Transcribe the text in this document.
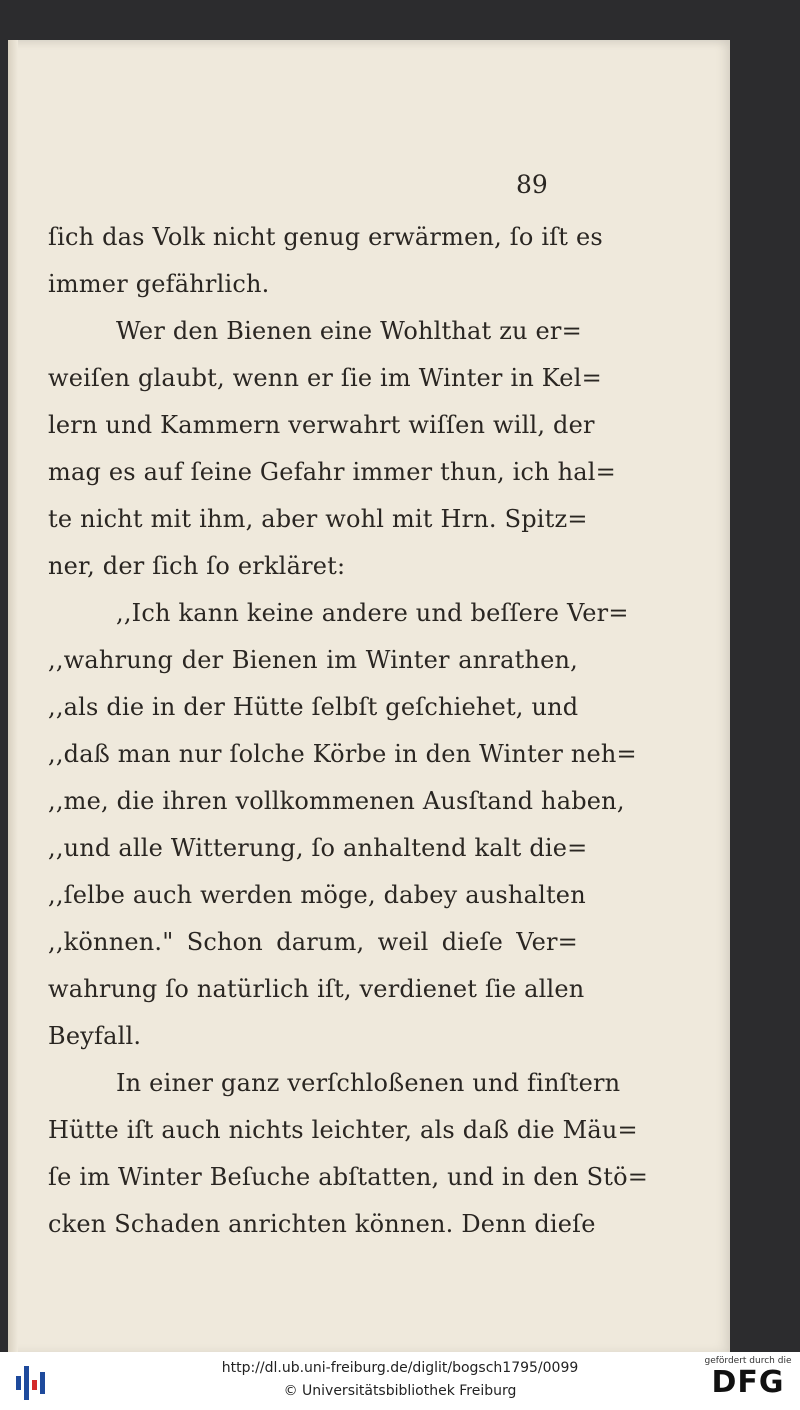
89
ſich das Volk nicht genug erwärmen, ſo iſt es
immer gefährlich.
Wer den Bienen eine Wohlthat zu er=
weiſen glaubt, wenn er ſie im Winter in Kel=
lern und Kammern verwahrt wiſſen will, der
mag es auf ſeine Gefahr immer thun, ich hal=
te nicht mit ihm, aber wohl mit Hrn. Spitz=
ner, der ſich ſo erkläret:
,,Ich kann keine andere und beſſere Ver=
,,wahrung der Bienen im Winter anrathen,
,,als die in der Hütte ſelbſt geſchiehet, und
,,daß man nur ſolche Körbe in den Winter neh=
,,me, die ihren vollkommenen Ausſtand haben,
,,und alle Witterung, ſo anhaltend kalt die=
,,ſelbe auch werden möge, dabey aushalten
,,können." Schon darum, weil dieſe Ver=
wahrung ſo natürlich iſt, verdienet ſie allen
Beyfall.
In einer ganz verſchloßenen und finſtern
Hütte iſt auch nichts leichter, als daß die Mäu=
ſe im Winter Beſuche abſtatten, und in den Stö=
cken Schaden anrichten können. Denn dieſe
http://dl.ub.uni-freiburg.de/diglit/bogsch1795/0099
© Universitätsbibliothek Freiburg
gefördert durch die
DFG
